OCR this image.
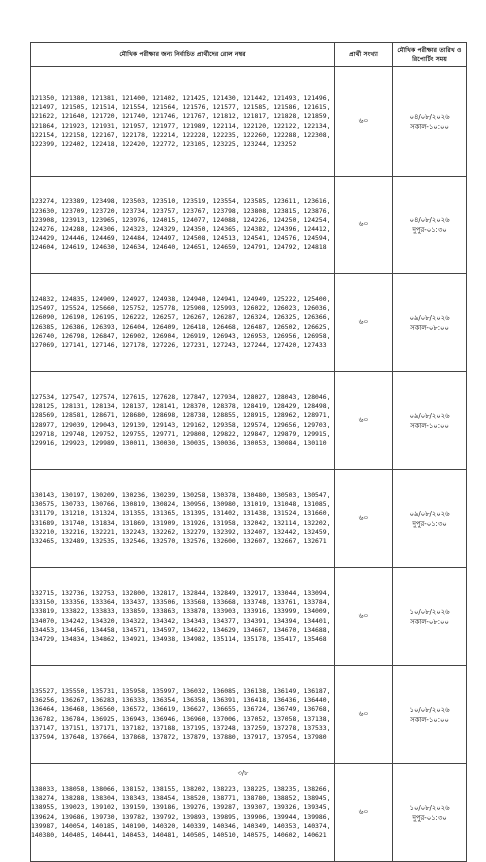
মৌখিক পরীক্ষার জন্য নির্বাচিত প্রার্থীদের রোল নম্বর	প্রার্থী সংখ্যা	মৌখিক পরীক্ষার তারিখ ও রিপোর্টিং সময়
121350, 121380, 121381, 121400, 121402, 121425, 121430, 121442, 121493, 121496, 121497, 121505, 121514, 121554, 121564, 121576, 121577, 121585, 121586, 121615, 121622, 121640, 121720, 121740, 121746, 121767, 121812, 121817, 121828, 121859, 121864, 121923, 121931, 121957, 121977, 121989, 122114, 122120, 122122, 122134, 122154, 122158, 122167, 122178, 122214, 122228, 122235, 122260, 122288, 122308, 122399, 122402, 122418, 122420, 122772, 123105, 123225, 123244, 123252	৬০	০৪/০৮/২০২৬
সকাল-১০:০০

123274, 123389, 123498, 123503, 123510, 123519, 123554, 123585, 123611, 123616, 123630, 123709, 123720, 123734, 123757, 123767, 123798, 123808, 123815, 123876, 123908, 123913, 123965, 123976, 124015, 124077, 124088, 124226, 124250, 124254, 124276, 124288, 124306, 124323, 124329, 124350, 124365, 124382, 124396, 124412, 124429, 124446, 124469, 124484, 124497, 124508, 124513, 124541, 124576, 124594, 124604, 124619, 124630, 124634, 124640, 124651, 124659, 124791, 124792, 124818	৬০	০৪/০৮/২০২৬
দুপুর-০১:৩০

124832, 124835, 124909, 124927, 124938, 124940, 124941, 124949, 125222, 125400, 125497, 125524, 125660, 125752, 125778, 125908, 125993, 126022, 126023, 126036, 126090, 126190, 126195, 126222, 126257, 126267, 126287, 126324, 126325, 126366, 126385, 126386, 126393, 126404, 126409, 126418, 126468, 126487, 126502, 126625, 126740, 126798, 126847, 126902, 126904, 126919, 126943, 126953, 126956, 126958, 127069, 127141, 127146, 127178, 127226, 127231, 127243, 127244, 127420, 127433	৬০	০৯/০৮/২০২৬
সকাল-০৮:০০

127534, 127547, 127574, 127615, 127628, 127847, 127934, 128027, 128043, 128046, 128125, 128131, 128134, 128137, 128141, 128370, 128378, 128419, 128429, 128498, 128569, 128581, 128671, 128680, 128698, 128738, 128855, 128915, 128962, 128971, 128977, 129039, 129043, 129139, 129143, 129162, 129358, 129574, 129656, 129703, 129718, 129748, 129752, 129755, 129771, 129808, 129822, 129847, 129879, 129915, 129916, 129923, 129989, 130011, 130030, 130035, 130036, 130053, 130084, 130110	৬০	০৯/০৮/২০২৬
সকাল-১০:০০

130143, 130197, 130209, 130236, 130239, 130258, 130378, 130480, 130503, 130547, 130575, 130733, 130766, 130819, 130824, 130956, 130980, 131019, 131048, 131085, 131179, 131210, 131324, 131355, 131365, 131395, 131402, 131438, 131524, 131660, 131689, 131740, 131834, 131869, 131909, 131926, 131958, 132042, 132114, 132202, 132210, 132216, 132221, 132243, 132262, 132279, 132392, 132407, 132442, 132459, 132465, 132489, 132535, 132546, 132570, 132576, 132600, 132607, 132667, 132671	৬০	০৯/০৮/২০২৬
দুপুর-০১:৩০

132715, 132736, 132753, 132800, 132817, 132844, 132849, 132917, 133044, 133094, 133150, 133356, 133364, 133437, 133506, 133568, 133668, 133748, 133761, 133784, 133819, 133822, 133833, 133859, 133863, 133878, 133903, 133916, 133999, 134009, 134070, 134242, 134320, 134322, 134342, 134343, 134377, 134391, 134394, 134401, 134453, 134456, 134458, 134571, 134597, 134622, 134629, 134667, 134670, 134688, 134729, 134834, 134862, 134921, 134938, 134982, 135114, 135178, 135417, 135468	৬০	১০/০৮/২০২৬
সকাল-০৮:০০

135527, 135550, 135731, 135958, 135997, 136032, 136085, 136138, 136149, 136187, 136256, 136267, 136283, 136333, 136354, 136358, 136391, 136418, 136436, 136440, 136464, 136468, 136560, 136572, 136619, 136627, 136655, 136724, 136749, 136768, 136782, 136784, 136925, 136943, 136946, 136960, 137006, 137052, 137058, 137138, 137147, 137151, 137171, 137182, 137188, 137195, 137248, 137259, 137278, 137533, 137594, 137648, 137664, 137868, 137872, 137879, 137880, 137917, 137954, 137980	৬০	১০/০৮/২০২৬
সকাল-১০:০০

138033, 138058, 138066, 138152, 138155, 138202, 138223, 138225, 138235, 138266, 138274, 138288, 138304, 138343, 138454, 138520, 138771, 138780, 138852, 138945, 138955, 139023, 139102, 139159, 139186, 139276, 139287, 139307, 139326, 139345, 139624, 139686, 139730, 139782, 139792, 139893, 139895, 139906, 139944, 139986, 139987, 140054, 140185, 140190, 140320, 140339, 140346, 140349, 140353, 140374, 140380, 140405, 140441, 140453, 140481, 140505, 140510, 140575, 140602, 140621	৬০	১০/০৮/২০২৬
দুপুর-০১:৩০
৩/৮
